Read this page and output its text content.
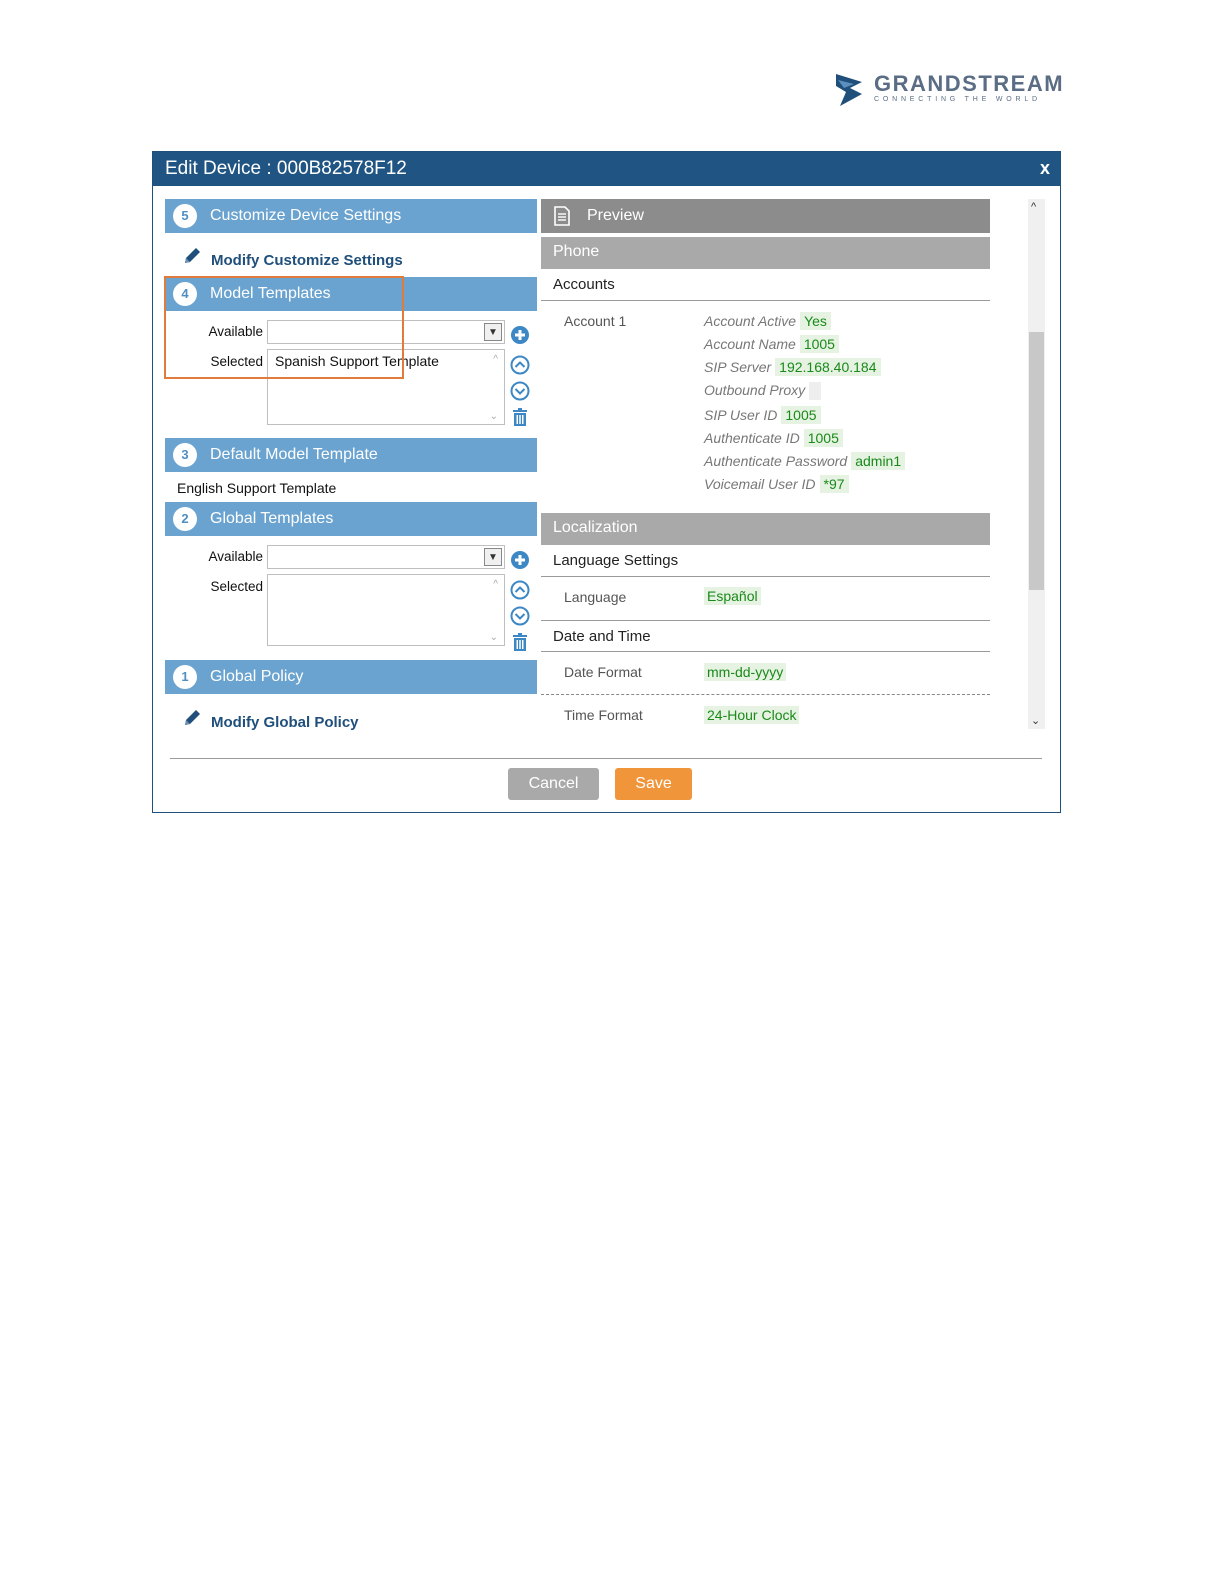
GRANDSTREAM
CONNECTING THE WORLD
Edit Device : 000B82578F12	x
5	Customize Device Settings
Modify Customize Settings
4	Model Templates
Available	▼
Selected Spanish Support Template	^
⌄
3	Default Model Template
English Support Template
2	Global Templates
Available	▼
Selected	^
⌄
1	Global Policy
Modify Global Policy
Preview
Phone
Accounts
Account 1	Account Active Yes
Account Name 1005
SIP Server 192.168.40.184
Outbound Proxy
SIP User ID 1005
Authenticate ID 1005
Authenticate Password admin1
Voicemail User ID *97
Localization
Language Settings
Language	Español
Date and Time
Date Format	mm-dd-yyyy
Time Format	24-Hour Clock
^
⌄
Cancel	Save
